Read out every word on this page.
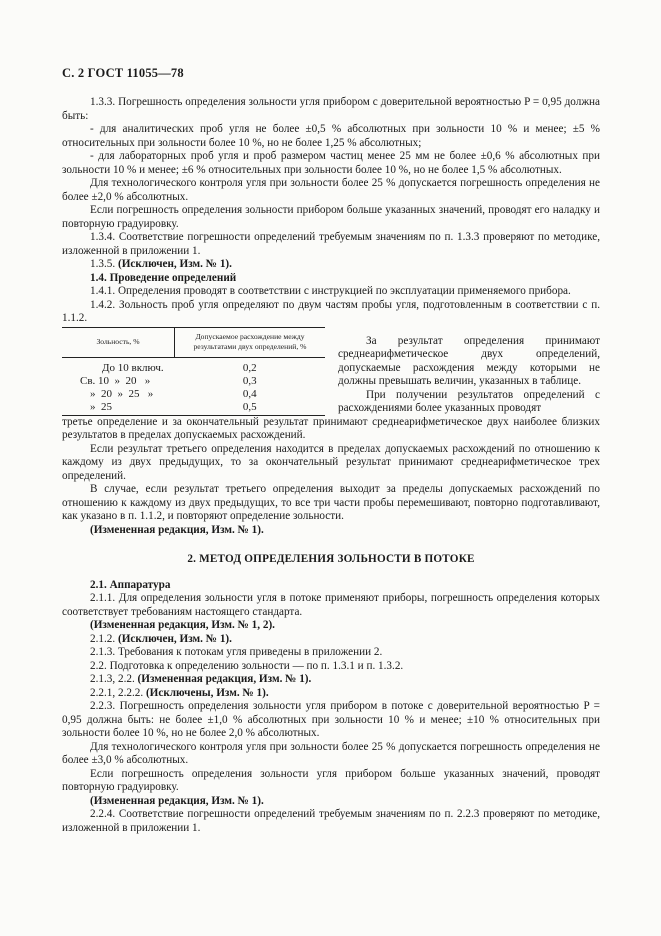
С. 2 ГОСТ 11055—78

1.3.3. Погрешность определения зольности угля прибором с доверительной вероятностью P = 0,95 должна быть:

- для аналитических проб угля не более ±0,5 % абсолютных при зольности 10 % и менее; ±5 % относительных при зольности более 10 %, но не более 1,25 % абсолютных;

- для лабораторных проб угля и проб размером частиц менее 25 мм не более ±0,6 % абсолютных при зольности 10 % и менее; ±6 % относительных при зольности более 10 %, но не более 1,5 % абсолютных.

Для технологического контроля угля при зольности более 25 % допускается погрешность определения не более ±2,0 % абсолютных.

Если погрешность определения зольности прибором больше указанных значений, проводят его наладку и повторную градуировку.

1.3.4. Соответствие погрешности определений требуемым значениям по п. 1.3.3 проверяют по методике, изложенной в приложении 1.

1.3.5. (Исключен, Изм. № 1).

1.4. Проведение определений

1.4.1. Определения проводят в соответствии с инструкцией по эксплуатации применяемого прибора.

1.4.2. Зольность проб угля определяют по двум частям пробы угля, подготовленным в соответствии с п. 1.1.2.

Зольность, %	Допускаемое расхождение между результатами двух определений, %

До 10 включ.	0,2
Св. 10  »  20   »	0,3
»  20  »  25   »	0,4
»  25	0,5

За результат определения принимают среднеарифметическое двух определений, допускаемые расхождения между которыми не должны превышать величин, указанных в таблице.

При получении результатов определений с расхождениями более указанных проводят

третье определение и за окончательный результат принимают среднеарифметическое двух наиболее близких результатов в пределах допускаемых расхождений.

Если результат третьего определения находится в пределах допускаемых расхождений по отношению к каждому из двух предыдущих, то за окончательный результат принимают среднеарифметическое трех определений.

В случае, если результат третьего определения выходит за пределы допускаемых расхождений по отношению к каждому из двух предыдущих, то все три части пробы перемешивают, повторно подготавливают, как указано в п. 1.1.2, и повторяют определение зольности.

(Измененная редакция, Изм. № 1).

2. МЕТОД ОПРЕДЕЛЕНИЯ ЗОЛЬНОСТИ В ПОТОКЕ

2.1. Аппаратура

2.1.1. Для определения зольности угля в потоке применяют приборы, погрешность определения которых соответствует требованиям настоящего стандарта.

(Измененная редакция, Изм. № 1, 2).

2.1.2. (Исключен, Изм. № 1).

2.1.3. Требования к потокам угля приведены в приложении 2.

2.2. Подготовка к определению зольности — по п. 1.3.1 и п. 1.3.2.

2.1.3, 2.2. (Измененная редакция, Изм. № 1).

2.2.1, 2.2.2. (Исключены, Изм. № 1).

2.2.3. Погрешность определения зольности угля прибором в потоке с доверительной вероятностью P = 0,95 должна быть: не более ±1,0 % абсолютных при зольности 10 % и менее; ±10 % относительных при зольности более 10 %, но не более 2,0 % абсолютных.

Для технологического контроля угля при зольности более 25 % допускается погрешность определения не более ±3,0 % абсолютных.

Если погрешность определения зольности угля прибором больше указанных значений, проводят повторную градуировку.

(Измененная редакция, Изм. № 1).

2.2.4. Соответствие погрешности определений требуемым значениям по п. 2.2.3 проверяют по методике, изложенной в приложении 1.
